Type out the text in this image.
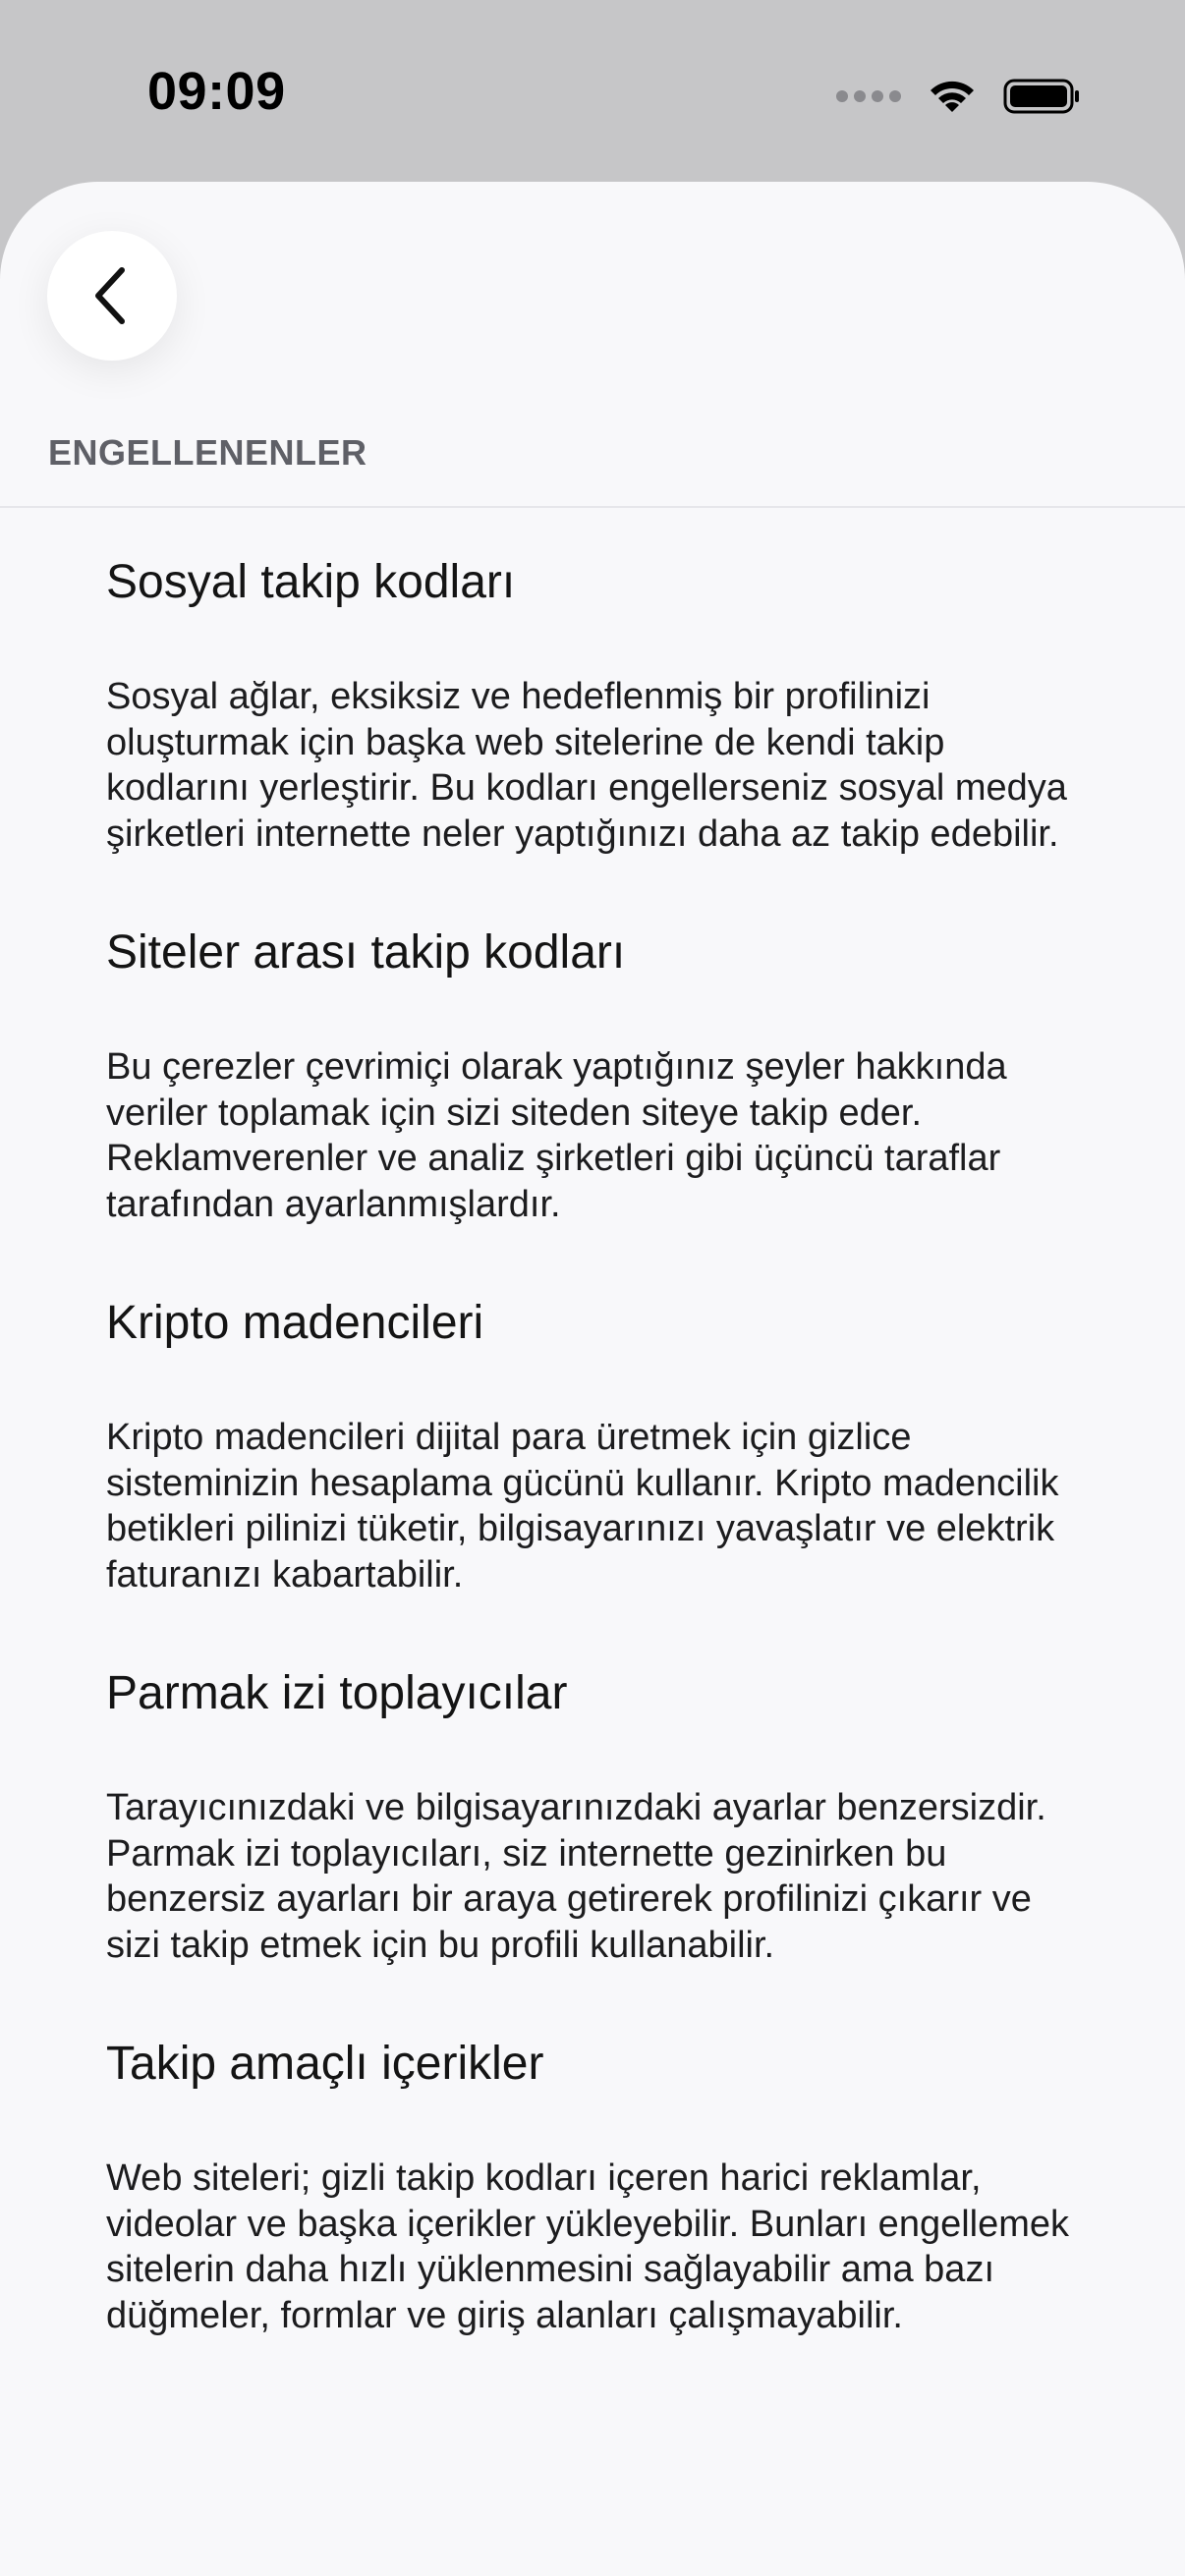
09:09
ENGELLENENLER

Sosyal takip kodları

Sosyal ağlar, eksiksiz ve hedeflenmiş bir profilinizi oluşturmak için başka web sitelerine de kendi takip kodlarını yerleştirir. Bu kodları engellerseniz sosyal medya şirketleri internette neler yaptığınızı daha az takip edebilir.

Siteler arası takip kodları

Bu çerezler çevrimiçi olarak yaptığınız şeyler hakkında veriler toplamak için sizi siteden siteye takip eder. Reklamverenler ve analiz şirketleri gibi üçüncü taraflar tarafından ayarlanmışlardır.

Kripto madencileri

Kripto madencileri dijital para üretmek için gizlice sisteminizin hesaplama gücünü kullanır. Kripto madencilik betikleri pilinizi tüketir, bilgisayarınızı yavaşlatır ve elektrik faturanızı kabartabilir.

Parmak izi toplayıcılar

Tarayıcınızdaki ve bilgisayarınızdaki ayarlar benzersizdir. Parmak izi toplayıcıları, siz internette gezinirken bu benzersiz ayarları bir araya getirerek profilinizi çıkarır ve sizi takip etmek için bu profili kullanabilir.

Takip amaçlı içerikler

Web siteleri; gizli takip kodları içeren harici reklamlar, videolar ve başka içerikler yükleyebilir. Bunları engellemek sitelerin daha hızlı yüklenmesini sağlayabilir ama bazı düğmeler, formlar ve giriş alanları çalışmayabilir.
